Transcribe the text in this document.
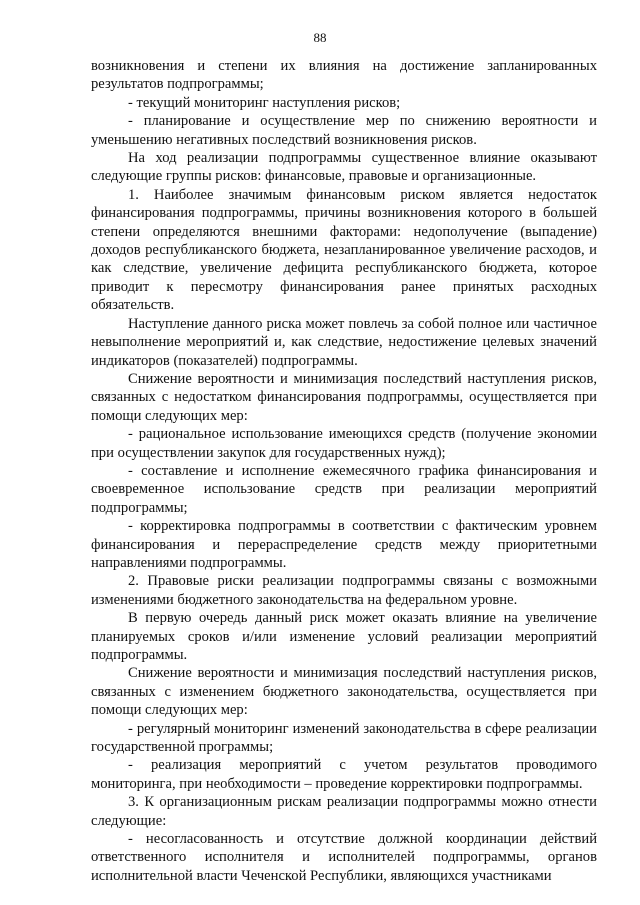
88

возникновения и степени их влияния на достижение запланированных результатов подпрограммы;

- текущий мониторинг наступления рисков;

- планирование и осуществление мер по снижению вероятности и уменьшению негативных последствий возникновения рисков.

На ход реализации подпрограммы существенное влияние оказывают следующие группы рисков: финансовые, правовые и организационные.

1. Наиболее значимым финансовым риском является недостаток финансирования подпрограммы, причины возникновения которого в большей степени определяются внешними факторами: недополучение (выпадение) доходов республиканского бюджета, незапланированное увеличение расходов, и как следствие, увеличение дефицита республиканского бюджета, которое приводит к пересмотру финансирования ранее принятых расходных обязательств.

Наступление данного риска может повлечь за собой полное или частичное невыполнение мероприятий и, как следствие, недостижение целевых значений индикаторов (показателей) подпрограммы.

Снижение вероятности и минимизация последствий наступления рисков, связанных с недостатком финансирования подпрограммы, осуществляется при помощи следующих мер:

- рациональное использование имеющихся средств (получение экономии при осуществлении закупок для государственных нужд);

- составление и исполнение ежемесячного графика финансирования и своевременное использование средств при реализации мероприятий подпрограммы;

- корректировка подпрограммы в соответствии с фактическим уровнем финансирования и перераспределение средств между приоритетными направлениями подпрограммы.

2. Правовые риски реализации подпрограммы связаны с возможными изменениями бюджетного законодательства на федеральном уровне.

В первую очередь данный риск может оказать влияние на увеличение планируемых сроков и/или изменение условий реализации мероприятий подпрограммы.

Снижение вероятности и минимизация последствий наступления рисков, связанных с изменением бюджетного законодательства, осуществляется при помощи следующих мер:

- регулярный мониторинг изменений законодательства в сфере реализации государственной программы;

- реализация мероприятий с учетом результатов проводимого мониторинга, при необходимости – проведение корректировки подпрограммы.

3. К организационным рискам реализации подпрограммы можно отнести следующие:

- несогласованность и отсутствие должной координации действий ответственного исполнителя и исполнителей подпрограммы, органов исполнительной власти Чеченской Республики, являющихся участниками
